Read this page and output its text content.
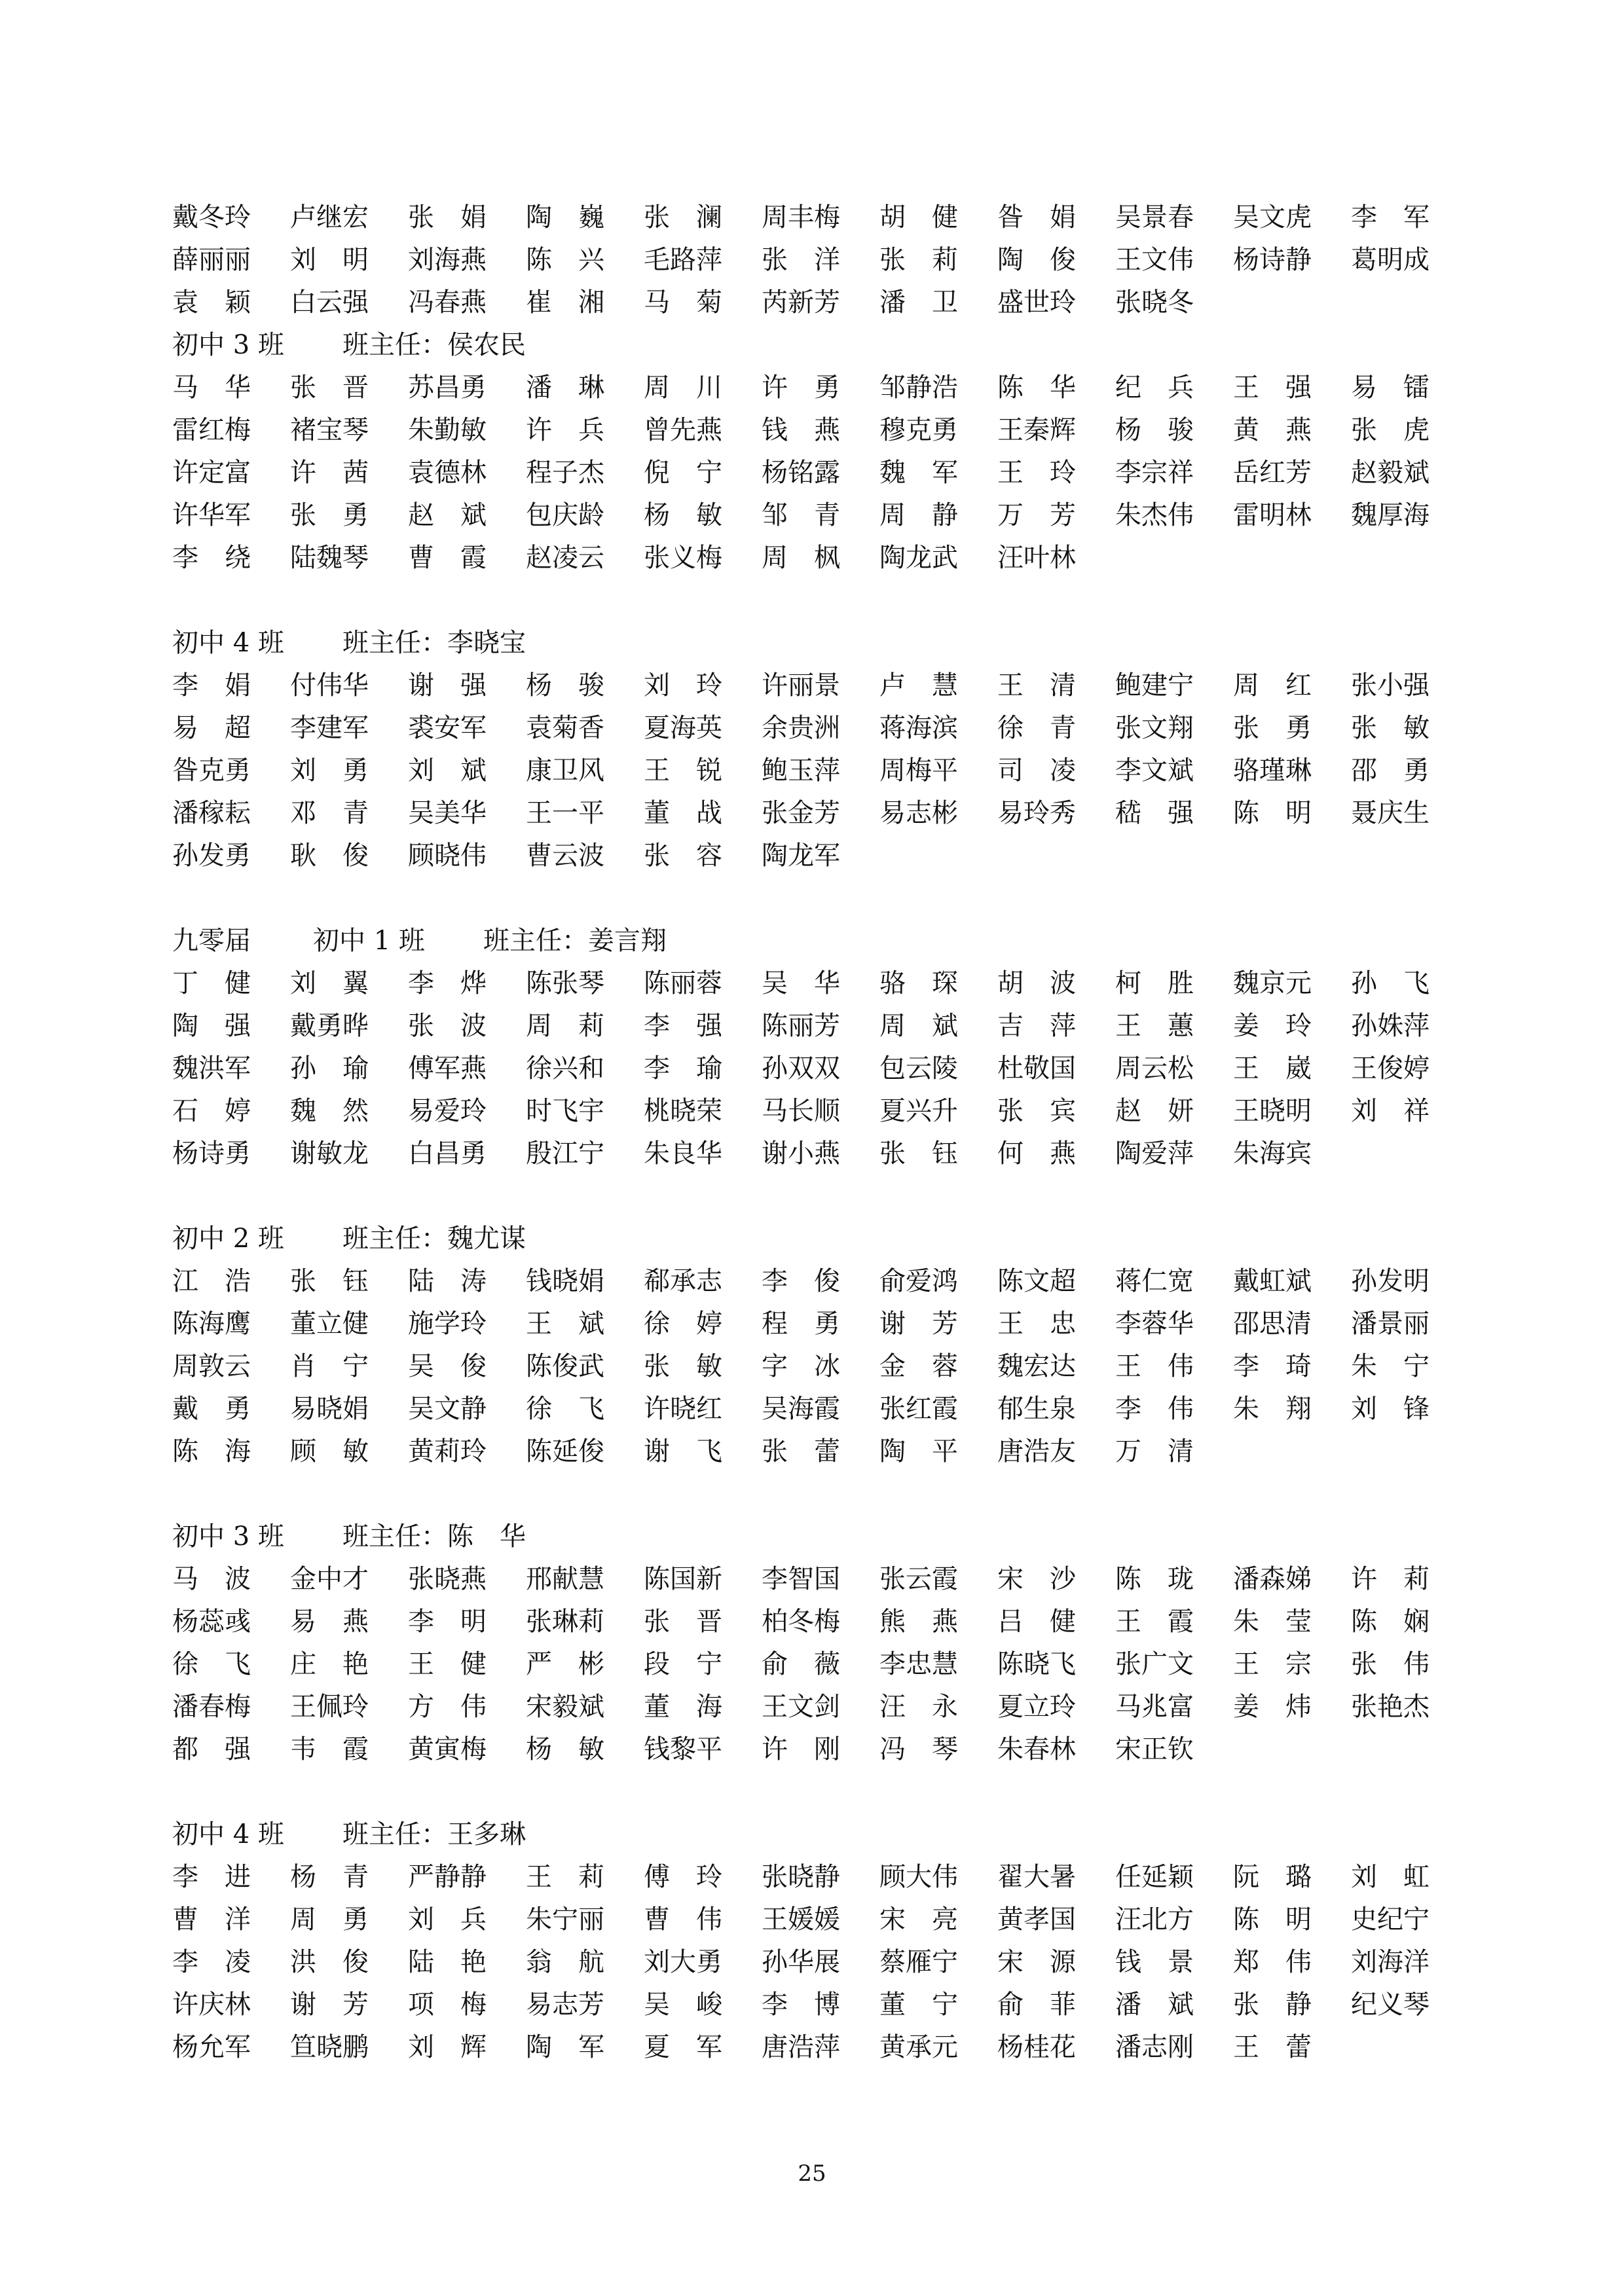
戴冬玲	卢继宏	张　娟	陶　巍	张　澜	周丰梅	胡　健	昝　娟	吴景春	吴文虎	李　军
薛丽丽	刘　明	刘海燕	陈　兴	毛路萍	张　洋	张　莉	陶　俊	王文伟	杨诗静	葛明成
袁　颖	白云强	冯春燕	崔　湘	马　菊	芮新芳	潘　卫	盛世玲	张晓冬
初中 3 班 班主任：侯农民
马　华	张　晋	苏昌勇	潘　琳	周　川	许　勇	邹静浩	陈　华	纪　兵	王　强	易　镭
雷红梅	褚宝琴	朱勤敏	许　兵	曾先燕	钱　燕	穆克勇	王秦辉	杨　骏	黄　燕	张　虎
许定富	许　茜	袁德林	程子杰	倪　宁	杨铭露	魏　军	王　玲	李宗祥	岳红芳	赵毅斌
许华军	张　勇	赵　斌	包庆龄	杨　敏	邹　青	周　静	万　芳	朱杰伟	雷明林	魏厚海
李　绕	陆魏琴	曹　霞	赵凌云	张义梅	周　枫	陶龙武	汪叶林
初中 4 班 班主任：李晓宝
李　娟	付伟华	谢　强	杨　骏	刘　玲	许丽景	卢　慧	王　清	鲍建宁	周　红	张小强
易　超	李建军	裘安军	袁菊香	夏海英	余贵洲	蒋海滨	徐　青	张文翔	张　勇	张　敏
昝克勇	刘　勇	刘　斌	康卫风	王　锐	鲍玉萍	周梅平	司　凌	李文斌	骆瑾琳	邵　勇
潘稼耘	邓　青	吴美华	王一平	董　战	张金芳	易志彬	易玲秀	嵇　强	陈　明	聂庆生
孙发勇	耿　俊	顾晓伟	曹云波	张　容	陶龙军
九零届 初中 1 班 班主任：姜言翔
丁　健	刘　翼	李　烨	陈张琴	陈丽蓉	吴　华	骆　琛	胡　波	柯　胜	魏京元	孙　飞
陶　强	戴勇晔	张　波	周　莉	李　强	陈丽芳	周　斌	吉　萍	王　蕙	姜　玲	孙姝萍
魏洪军	孙　瑜	傅军燕	徐兴和	李　瑜	孙双双	包云陵	杜敬国	周云松	王　崴	王俊婷
石　婷	魏　然	易爱玲	时飞宇	桃晓荣	马长顺	夏兴升	张　宾	赵　妍	王晓明	刘　祥
杨诗勇	谢敏龙	白昌勇	殷江宁	朱良华	谢小燕	张　钰	何　燕	陶爱萍	朱海宾
初中 2 班 班主任：魏尤谋
江　浩	张　钰	陆　涛	钱晓娟	郗承志	李　俊	俞爱鸿	陈文超	蒋仁宽	戴虹斌	孙发明
陈海鹰	董立健	施学玲	王　斌	徐　婷	程　勇	谢　芳	王　忠	李蓉华	邵思清	潘景丽
周敦云	肖　宁	吴　俊	陈俊武	张　敏	字　冰	金　蓉	魏宏达	王　伟	李　琦	朱　宁
戴　勇	易晓娟	吴文静	徐　飞	许晓红	吴海霞	张红霞	郁生泉	李　伟	朱　翔	刘　锋
陈　海	顾　敏	黄莉玲	陈延俊	谢　飞	张　蕾	陶　平	唐浩友	万　清
初中 3 班 班主任：陈　华
马　波	金中才	张晓燕	邢献慧	陈国新	李智国	张云霞	宋　沙	陈　珑	潘森娣	许　莉
杨蕊彧	易　燕	李　明	张琳莉	张　晋	柏冬梅	熊　燕	吕　健	王　霞	朱　莹	陈　娴
徐　飞	庄　艳	王　健	严　彬	段　宁	俞　薇	李忠慧	陈晓飞	张广文	王　宗	张　伟
潘春梅	王佩玲	方　伟	宋毅斌	董　海	王文剑	汪　永	夏立玲	马兆富	姜　炜	张艳杰
都　强	韦　霞	黄寅梅	杨　敏	钱黎平	许　刚	冯　琴	朱春林	宋正钦
初中 4 班 班主任：王多琳
李　进	杨　青	严静静	王　莉	傅　玲	张晓静	顾大伟	翟大暑	任延颖	阮　璐	刘　虹
曹　洋	周　勇	刘　兵	朱宁丽	曹　伟	王媛媛	宋　亮	黄孝国	汪北方	陈　明	史纪宁
李　凌	洪　俊	陆　艳	翁　航	刘大勇	孙华展	蔡雁宁	宋　源	钱　景	郑　伟	刘海洋
许庆林	谢　芳	项　梅	易志芳	吴　峻	李　博	董　宁	俞　菲	潘　斌	张　静	纪义琴
杨允军	笪晓鹏	刘　辉	陶　军	夏　军	唐浩萍	黄承元	杨桂花	潘志刚	王　蕾
25
